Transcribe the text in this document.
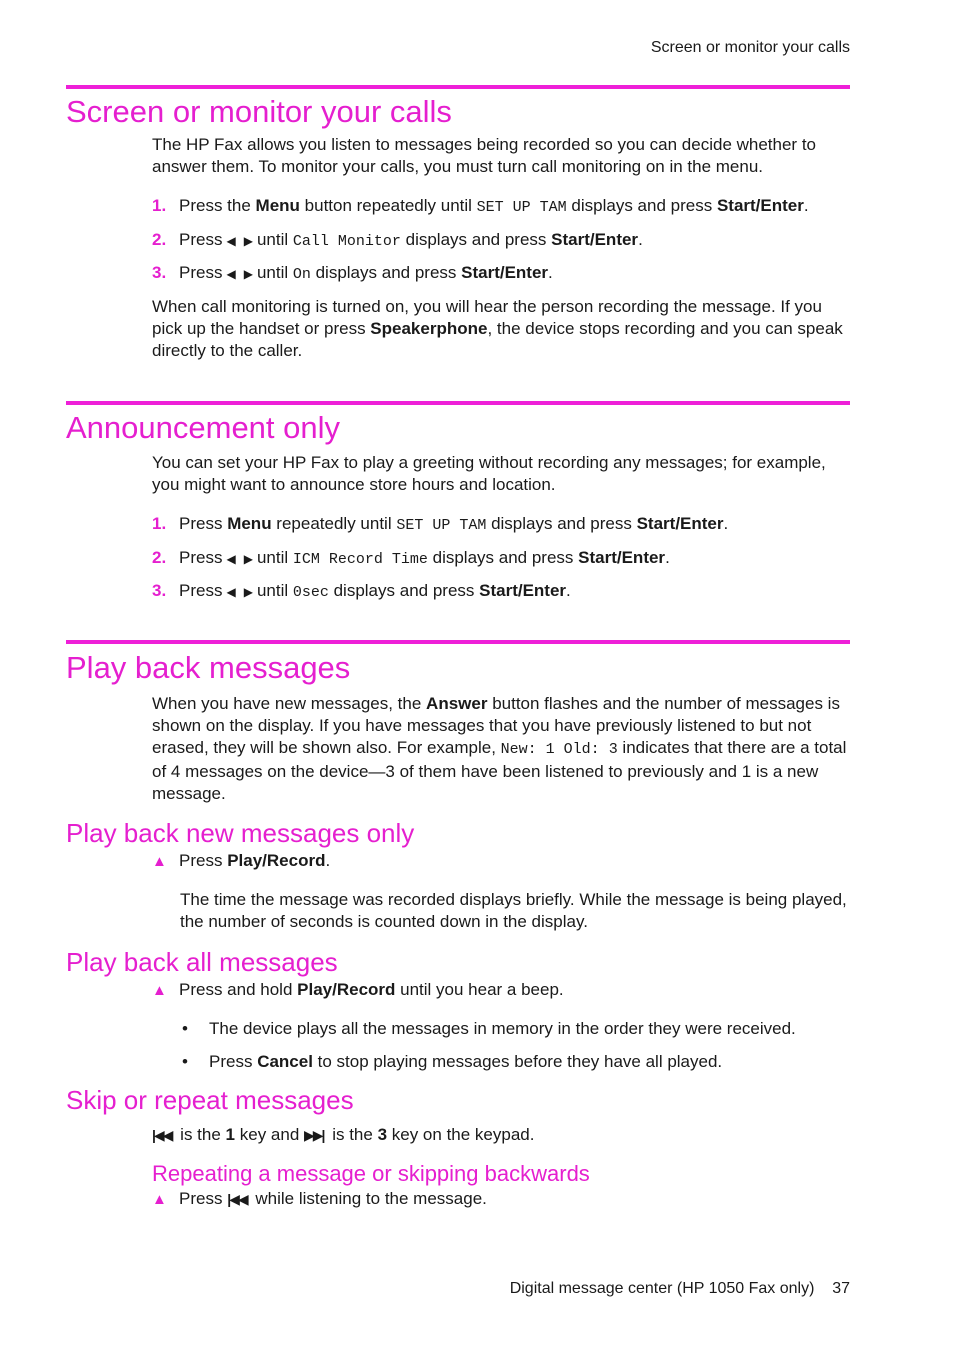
Screen or monitor your calls
Screen or monitor your calls
The HP Fax allows you listen to messages being recorded so you can decide whether to answer them. To monitor your calls, you must turn call monitoring on in the menu.
1. Press the Menu button repeatedly until SET UP TAM displays and press Start/Enter.
2. Press ◀ ▶ until Call Monitor displays and press Start/Enter.
3. Press ◀ ▶ until On displays and press Start/Enter.
When call monitoring is turned on, you will hear the person recording the message. If you pick up the handset or press Speakerphone, the device stops recording and you can speak directly to the caller.
Announcement only
You can set your HP Fax to play a greeting without recording any messages; for example, you might want to announce store hours and location.
1. Press Menu repeatedly until SET UP TAM displays and press Start/Enter.
2. Press ◀ ▶ until ICM Record Time displays and press Start/Enter.
3. Press ◀ ▶ until 0sec displays and press Start/Enter.
Play back messages
When you have new messages, the Answer button flashes and the number of messages is shown on the display. If you have messages that you have previously listened to but not erased, they will be shown also. For example, New: 1 Old: 3 indicates that there are a total of 4 messages on the device—3 of them have been listened to previously and 1 is a new message.
Play back new messages only
▲ Press Play/Record.
The time the message was recorded displays briefly. While the message is being played, the number of seconds is counted down in the display.
Play back all messages
▲ Press and hold Play/Record until you hear a beep.
• The device plays all the messages in memory in the order they were received.
• Press Cancel to stop playing messages before they have all played.
Skip or repeat messages
|◀◀ is the 1 key and ▶▶| is the 3 key on the keypad.
Repeating a message or skipping backwards
▲ Press |◀◀ while listening to the message.
Digital message center (HP 1050 Fax only)    37
